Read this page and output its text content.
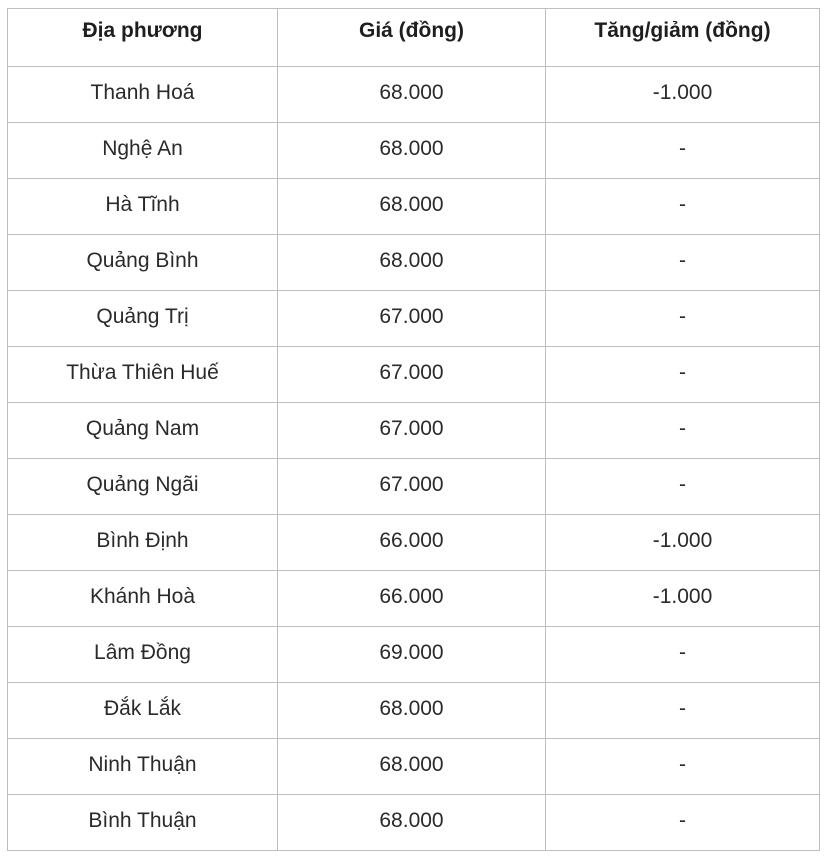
Địa phương	Giá (đồng)	Tăng/giảm (đồng)
Thanh Hoá	68.000	-1.000
Nghệ An	68.000	-
Hà Tĩnh	68.000	-
Quảng Bình	68.000	-
Quảng Trị	67.000	-
Thừa Thiên Huế	67.000	-
Quảng Nam	67.000	-
Quảng Ngãi	67.000	-
Bình Định	66.000	-1.000
Khánh Hoà	66.000	-1.000
Lâm Đồng	69.000	-
Đắk Lắk	68.000	-
Ninh Thuận	68.000	-
Bình Thuận	68.000	-
